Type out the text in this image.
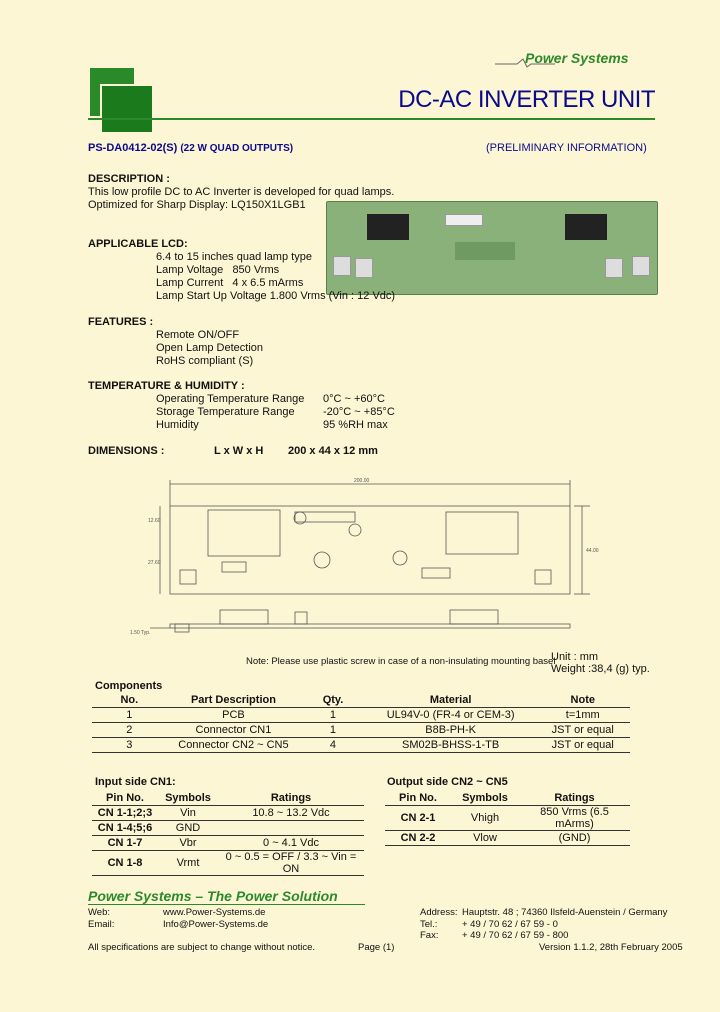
Power Systems
DC-AC INVERTER UNIT
PS-DA0412-02(S) (22 W QUAD OUTPUTS)	(PRELIMINARY INFORMATION)
DESCRIPTION :
This low profile DC to AC Inverter is developed for quad lamps.
Optimized for Sharp Display: LQ150X1LGB1
APPLICABLE LCD:
6.4 to 15 inches quad lamp type
Lamp Voltage   850 Vrms
Lamp Current   4 x 6.5 mArms
Lamp Start Up Voltage 1.800 Vrms (Vin : 12 Vdc)
FEATURES :
Remote ON/OFF
Open Lamp Detection
RoHS compliant (S)
TEMPERATURE & HUMIDITY :
Operating Temperature Range 0°C ~ +60°C
Storage Temperature Range	-20°C ~ +85°C
Humidity	95 %RH max
DIMENSIONS :	L x W x H 200 x 44 x 12 mm
200.00
12.60
27.60
44.00
1.50 Typ.
Note: Please use plastic screw in case of a non-insulating mounting basel
Unit : mm
Weight :38,4 (g) typ.
Components
No.	Part Description	Qty.	Material	Note
1	PCB	1	UL94V-0 (FR-4 or CEM-3)	t=1mm
2	Connector CN1	1	B8B-PH-K	JST or equal
3	Connector CN2 ~ CN5	4	SM02B-BHSS-1-TB	JST or equal
Input side CN1:
Pin No.	Symbols	Ratings
CN 1-1;2;3	Vin	10.8 ~ 13.2 Vdc
CN 1-4;5;6	GND	
CN 1-7	Vbr	0 ~ 4.1 Vdc
CN 1-8	Vrmt	0 ~ 0.5 = OFF / 3.3 ~ Vin = ON
Output side CN2 ~ CN5
Pin No.	Symbols	Ratings
CN 2-1	Vhigh	850 Vrms (6.5 mArms)
CN 2-2	Vlow	(GND)
Power Systems – The Power Solution
Web:	www.Power-Systems.de
Email:	Info@Power-Systems.de
Address: Hauptstr. 48 ; 74360 Ilsfeld-Auenstein / Germany
Tel.:	+ 49 / 70 62 / 67 59 - 0
Fax: + 49 / 70 62 / 67 59 - 800
All specifications are subject to change without notice.	Page (1)	Version 1.1.2, 28th February 2005
